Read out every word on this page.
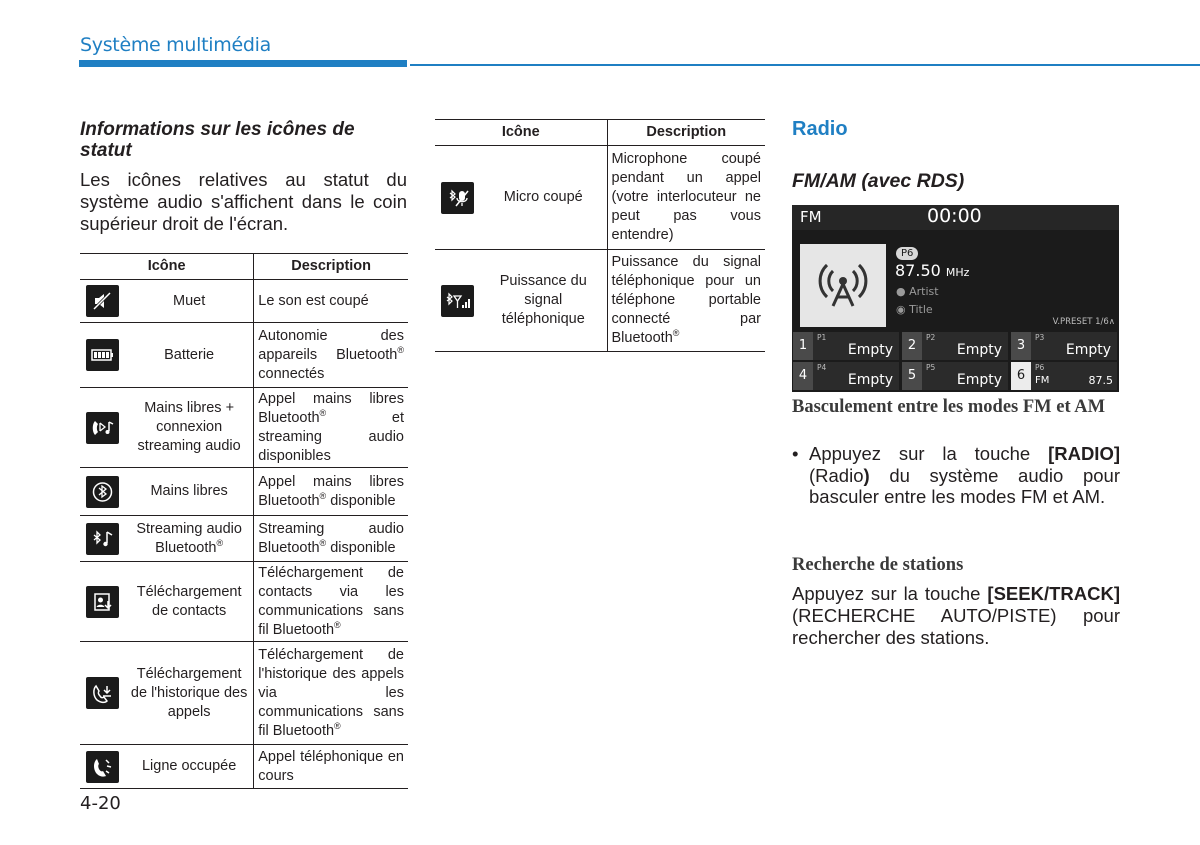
Système multimédia
Informations sur les icônes de statut
Les icônes relatives au statut du système audio s'affichent dans le coin supérieur droit de l'écran.
Icône		Description

	Muet	Le son est coupé

	Batterie	Autonomie des appareils Bluetooth® connectés

	Mains libres + connexion streaming audio	Appel mains libres Bluetooth® et streaming audio disponibles

	Mains libres	Appel mains libres Bluetooth® disponible

	Streaming audio Bluetooth®	Streaming audio Bluetooth® disponible

	Téléchargement de contacts	Téléchargement de contacts via les communications sans fil Bluetooth®

	Téléchargement de l'historique des appels	Téléchargement de l'historique des appels via les communications sans fil Bluetooth®

	Ligne occupée	Appel téléphonique en cours
4-20
Icône		Description

	Micro coupé	Microphone coupé pendant un appel (votre interlocuteur ne peut pas vous entendre)

	Puissance du signal téléphonique	Puissance du signal téléphonique pour un téléphone portable connecté par Bluetooth®
Radio
FM/AM (avec RDS)
FM	00:00
P6
87.50 MHz
● Artist
◉ Title
V.PRESET 1/6∧
1
P1
Empty	2
P2
Empty	3
P3
Empty
4
P4
Empty	5
P5
Empty	6
P6
FM	87.5
Basculement entre les modes FM et AM
• Appuyez sur la touche [RADIO] (Radio) du système audio pour basculer entre les modes FM et AM.
Recherche de stations
Appuyez sur la touche [SEEK/TRACK] (RECHERCHE AUTO/PISTE) pour rechercher des stations.
